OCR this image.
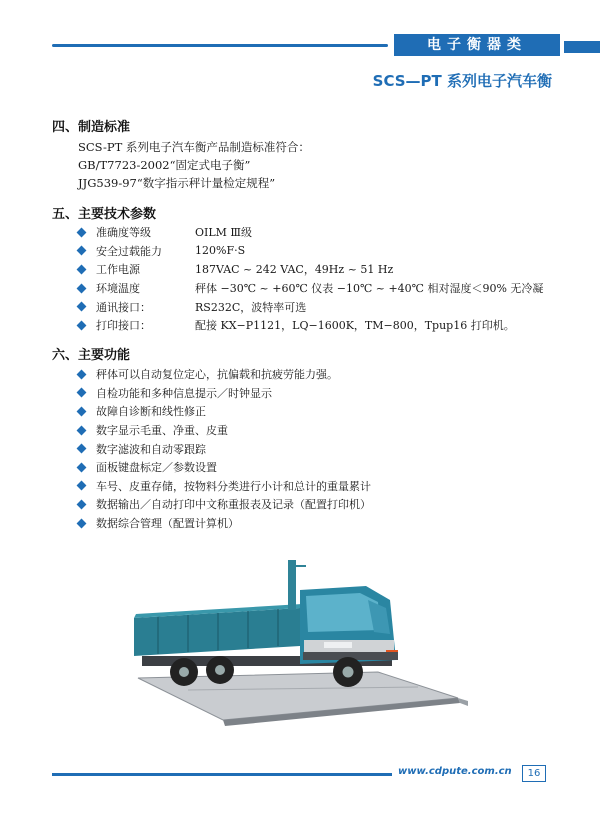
电子衡器类
SCS—PT 系列电子汽车衡
四、制造标准
SCS-PT 系列电子汽车衡产品制造标准符合：
GB/T7723-2002“固定式电子衡”
JJG539-97“数字指示秤计量检定规程”
五、主要技术参数
准确度等级	OILM Ⅲ级
安全过载能力	120%F·S
工作电源	187VAC ~ 242 VAC，49Hz ~ 51 Hz
环境温度	秤体 −30℃ ~ +60℃ 仪表 −10℃ ~ +40℃ 相对湿度＜90% 无冷凝
通讯接口：	RS232C，波特率可选
打印接口：	配接 KX−P1121，LQ−1600K，TM−800，Tpup16 打印机。
六、主要功能
秤体可以自动复位定心，抗偏载和抗疲劳能力强。
自检功能和多种信息提示／时钟显示
故障自诊断和线性修正
数字显示毛重、净重、皮重
数字滤波和自动零跟踪
面板键盘标定／参数设置
车号、皮重存储，按物料分类进行小计和总计的重量累计
数据输出／自动打印中文称重报表及记录（配置打印机）
数据综合管理（配置计算机）
www.cdpute.com.cn	16
